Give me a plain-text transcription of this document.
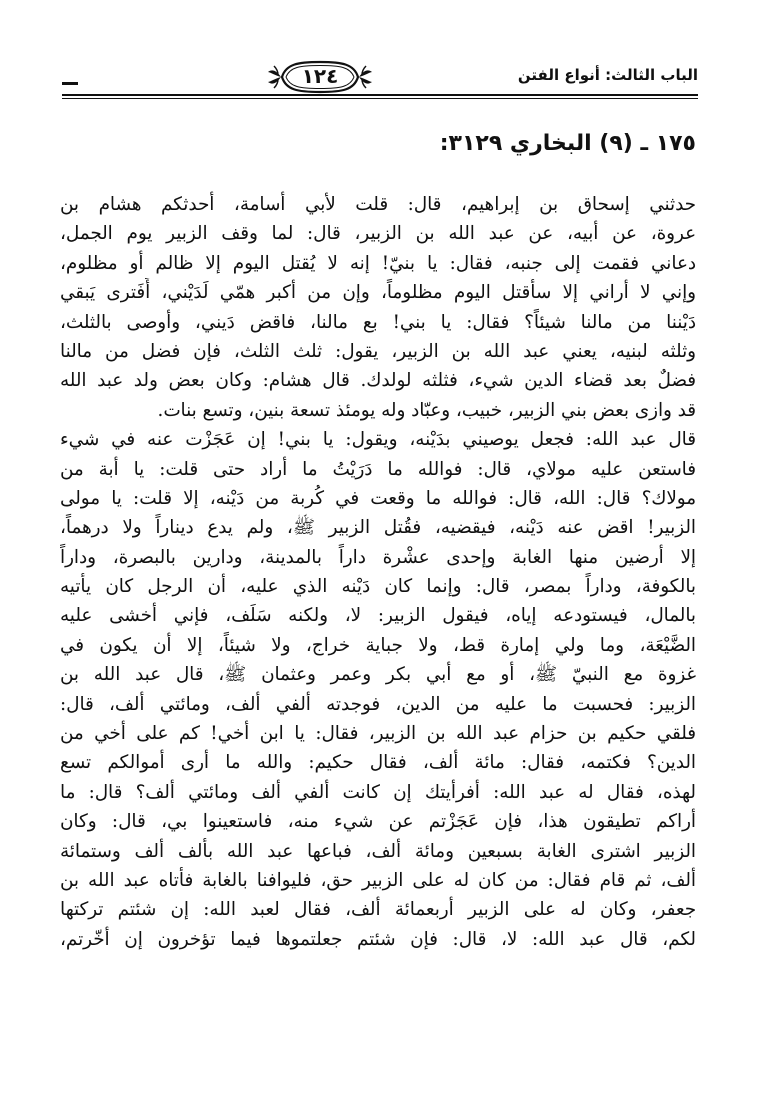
الباب الثالث: أنواع الفتن
١٢٤
١٧٥ ـ (٩) البخاري ٣١٢٩:
حدثني إسحاق بن إبراهيم، قال: قلت لأبي أسامة، أحدثكم هشام بن
عروة، عن أبيه، عن عبد الله بن الزبير، قال: لما وقف الزبير يوم الجمل،
دعاني فقمت إلى جنبه، فقال: يا بنيّ! إنه لا يُقتل اليوم إلا ظالم أو مظلوم،
وإني لا أراني إلا سأُقتل اليوم مظلوماً، وإن من أكبر همّي لَدَيْني، أَفَترى يَبقي
دَيْننا من مالنا شيئاً؟ فقال: يا بني! بع مالنا، فاقض دَيني، وأوصى بالثلث،
وثلثه لبنيه، يعني عبد الله بن الزبير، يقول: ثلث الثلث، فإن فضل من مالنا
فضلٌ بعد قضاء الدين شيء، فثلثه لولدك. قال هشام: وكان بعض ولد عبد الله
قد وازى بعض بني الزبير، خبيب، وعبّاد وله يومئذ تسعة بنين، وتسع بنات.
قال عبد الله: فجعل يوصيني بدَيْنه، ويقول: يا بني! إن عَجَزْت عنه في شيء
فاستعن عليه مولاي، قال: فوالله ما دَرَيْتُ ما أراد حتى قلت: يا أبة من
مولاك؟ قال: الله، قال: فوالله ما وقعت في كُربة من دَيْنه، إلا قلت: يا مولى
الزبير! اقض عنه دَيْنه، فيقضيه، فقُتل الزبير ﷺ، ولم يدع ديناراً ولا درهماً،
إلا أرضين منها الغابة وإحدى عشْرة داراً بالمدينة، ودارين بالبصرة، وداراً
بالكوفة، وداراً بمصر، قال: وإنما كان دَيْنه الذي عليه، أن الرجل كان يأتيه
بالمال، فيستودعه إياه، فيقول الزبير: لا، ولكنه سَلَف، فإني أخشى عليه
الضَّيْعَة، وما ولي إمارة قط، ولا جباية خراج، ولا شيئاً، إلا أن يكون في
غزوة مع النبيّ ﷺ، أو مع أبي بكر وعمر وعثمان ﷺ، قال عبد الله بن
الزبير: فحسبت ما عليه من الدين، فوجدته ألفي ألف، ومائتي ألف، قال:
فلقي حكيم بن حزام عبد الله بن الزبير، فقال: يا ابن أخي! كم على أخي من
الدين؟ فكتمه، فقال: مائة ألف، فقال حكيم: والله ما أرى أموالكم تسع
لهذه، فقال له عبد الله: أفرأيتك إن كانت ألفي ألف ومائتي ألف؟ قال: ما
أراكم تطيقون هذا، فإن عَجَزْتم عن شيء منه، فاستعينوا بي، قال: وكان
الزبير اشترى الغابة بسبعين ومائة ألف، فباعها عبد الله بألف ألف وستمائة
ألف، ثم قام فقال: من كان له على الزبير حق، فليوافنا بالغابة فأتاه عبد الله بن
جعفر، وكان له على الزبير أربعمائة ألف، فقال لعبد الله: إن شئتم تركتها
لكم، قال عبد الله: لا، قال: فإن شئتم جعلتموها فيما تؤخرون إن أخّرتم،
